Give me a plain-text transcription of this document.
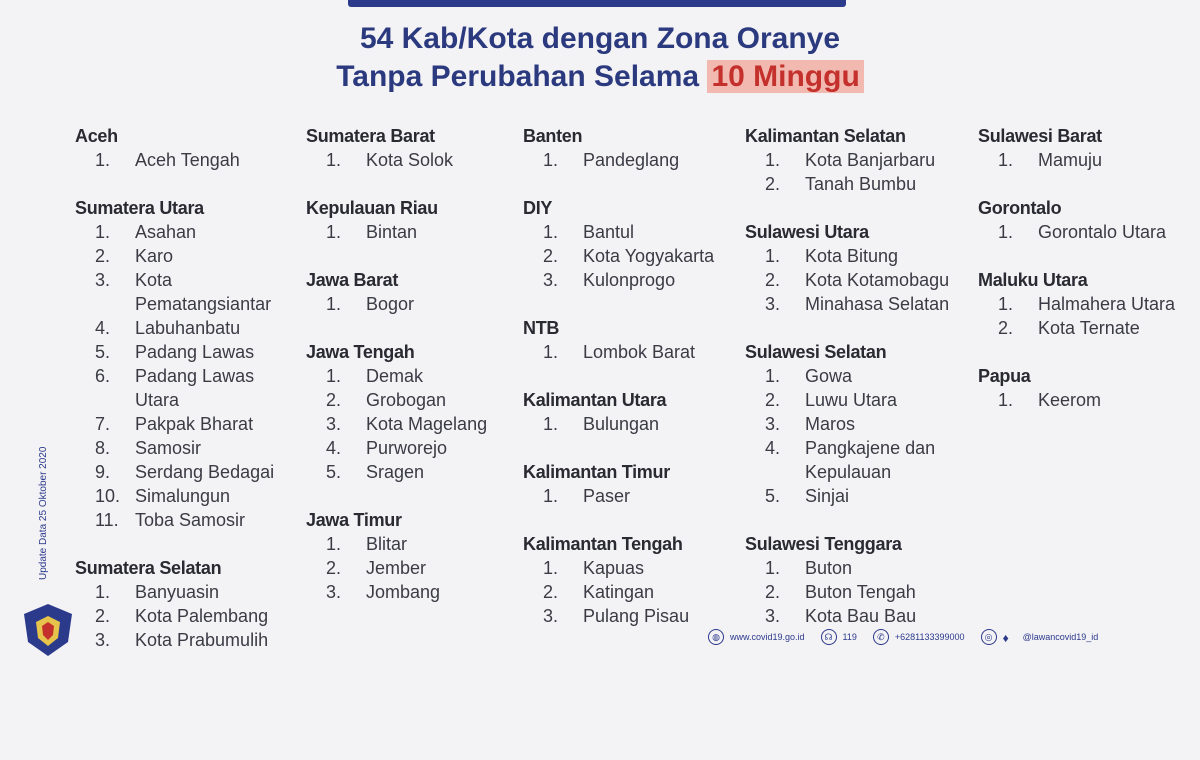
54 Kab/Kota dengan Zona Oranye
Tanpa Perubahan Selama 10 Minggu
Aceh
1.	Aceh Tengah
Sumatera Utara
1.	Asahan
2.	Karo
3.	Kota Pematangsiantar
4.	Labuhanbatu
5.	Padang Lawas
6.	Padang Lawas Utara
7.	Pakpak Bharat
8.	Samosir
9.	Serdang Bedagai
10. Simalungun
11. Toba Samosir
Sumatera Selatan
1.	Banyuasin
2.	Kota Palembang
3.	Kota Prabumulih
Sumatera Barat
1.	Kota Solok
Kepulauan Riau
1.	Bintan
Jawa Barat
1.	Bogor
Jawa Tengah
1.	Demak
2.	Grobogan
3.	Kota Magelang
4.	Purworejo
5.	Sragen
Jawa Timur
1.	Blitar
2.	Jember
3.	Jombang
Banten
1.	Pandeglang
DIY
1.	Bantul
2.	Kota Yogyakarta
3.	Kulonprogo
NTB
1.	Lombok Barat
Kalimantan Utara
1.	Bulungan
Kalimantan Timur
1.	Paser
Kalimantan Tengah
1.	Kapuas
2.	Katingan
3.	Pulang Pisau
Kalimantan Selatan
1.	Kota Banjarbaru
2.	Tanah Bumbu
Sulawesi Utara
1.	Kota Bitung
2.	Kota Kotamobagu
3.	Minahasa Selatan
Sulawesi Selatan
1.	Gowa
2.	Luwu Utara
3.	Maros
4.	Pangkajene dan Kepulauan
5.	Sinjai
Sulawesi Tenggara
1.	Buton
2.	Buton Tengah
3.	Kota Bau Bau
Sulawesi Barat
1.	Mamuju
Gorontalo
1.	Gorontalo Utara
Maluku Utara
1.	Halmahera Utara
2.	Kota Ternate
Papua
1.	Keerom
Update Data 25 Oktober 2020
◍	www.covid19.go.id	☊	119	✆	+6281133399000	◎ ♦	@lawancovid19_id
